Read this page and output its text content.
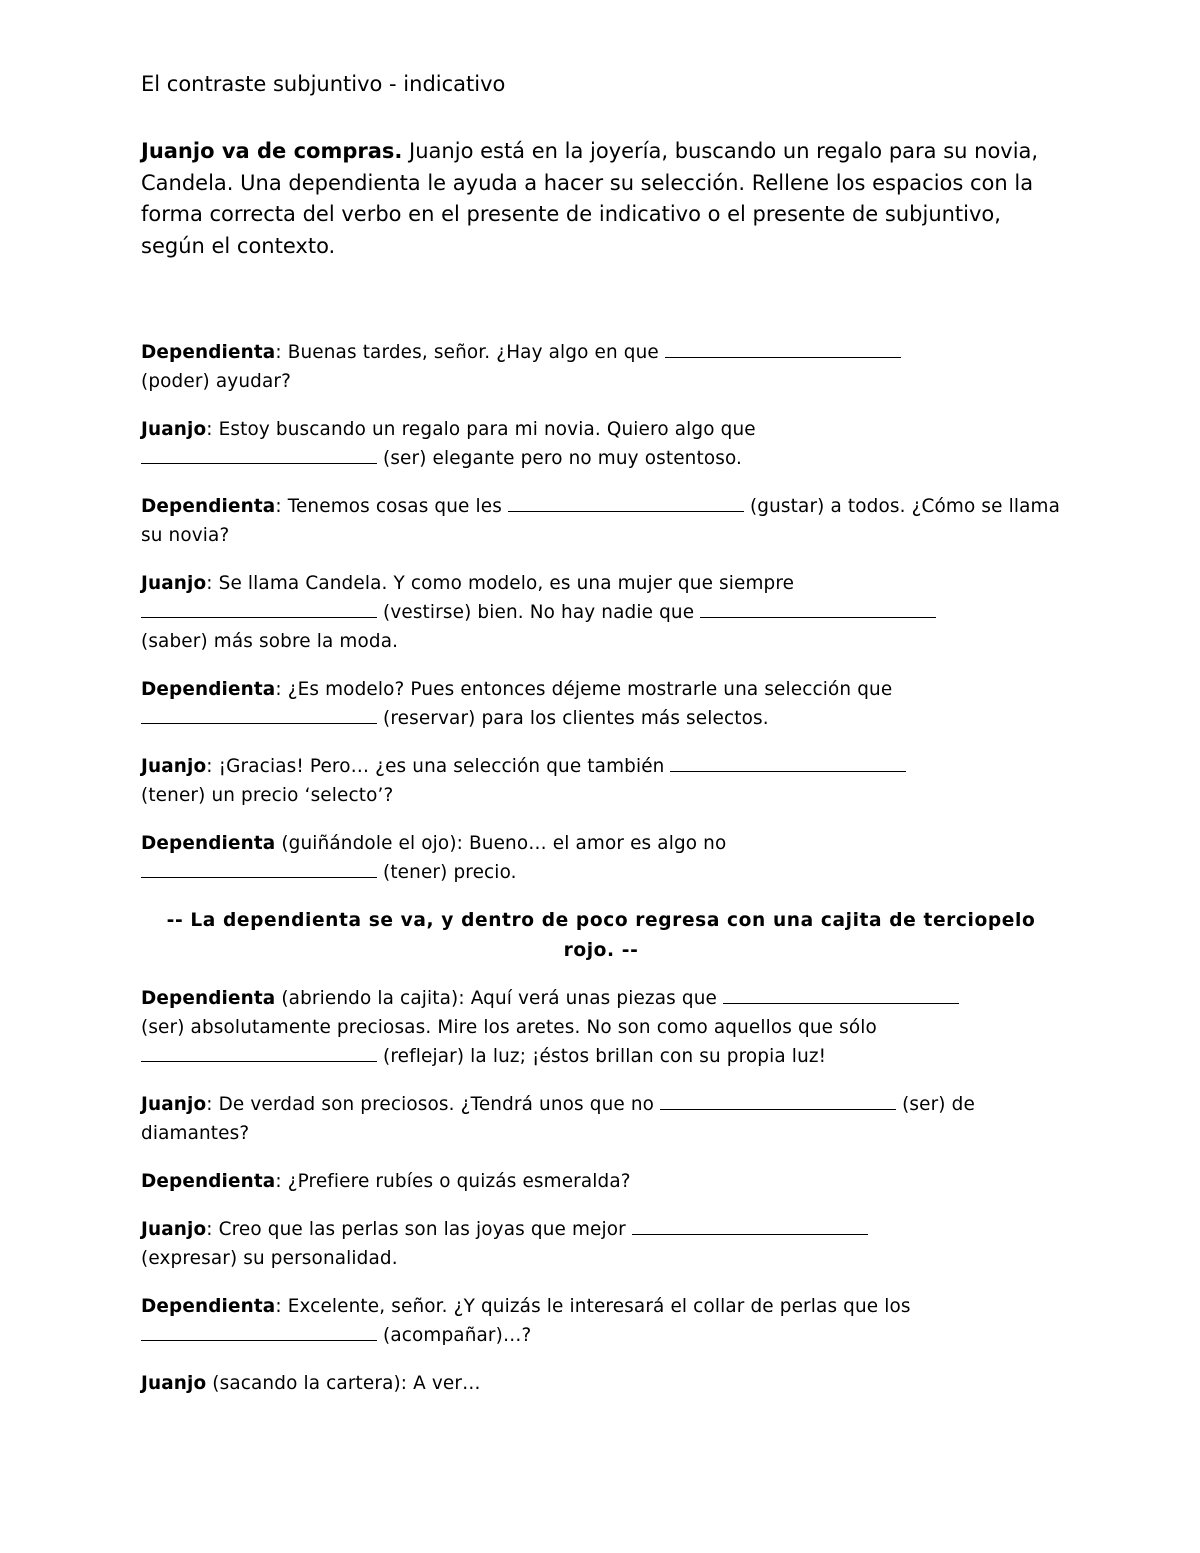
El contraste subjuntivo - indicativo
Juanjo va de compras. Juanjo está en la joyería, buscando un regalo para su novia, Candela. Una dependienta le ayuda a hacer su selección. Rellene los espacios con la forma correcta del verbo en el presente de indicativo o el presente de subjuntivo, según el contexto.
Dependienta: Buenas tardes, señor. ¿Hay algo en que
(poder) ayudar?
Juanjo: Estoy buscando un regalo para mi novia. Quiero algo que
(ser) elegante pero no muy ostentoso.
Dependienta: Tenemos cosas que les	(gustar) a todos. ¿Cómo se llama su novia?
Juanjo: Se llama Candela. Y como modelo, es una mujer que siempre
(vestirse) bien. No hay nadie que
(saber) más sobre la moda.
Dependienta: ¿Es modelo? Pues entonces déjeme mostrarle una selección que
(reservar) para los clientes más selectos.
Juanjo: ¡Gracias! Pero… ¿es una selección que también
(tener) un precio ‘selecto’?
Dependienta (guiñándole el ojo): Bueno… el amor es algo no
(tener) precio.
-- La dependienta se va, y dentro de poco regresa con una cajita de terciopelo rojo. --
Dependienta (abriendo la cajita): Aquí verá unas piezas que
(ser) absolutamente preciosas. Mire los aretes. No son como aquellos que sólo
(reflejar) la luz; ¡éstos brillan con su propia luz!
Juanjo: De verdad son preciosos. ¿Tendrá unos que no	(ser) de diamantes?
Dependienta: ¿Prefiere rubíes o quizás esmeralda?
Juanjo: Creo que las perlas son las joyas que mejor
(expresar) su personalidad.
Dependienta: Excelente, señor. ¿Y quizás le interesará el collar de perlas que los
(acompañar)…?
Juanjo (sacando la cartera): A ver…
